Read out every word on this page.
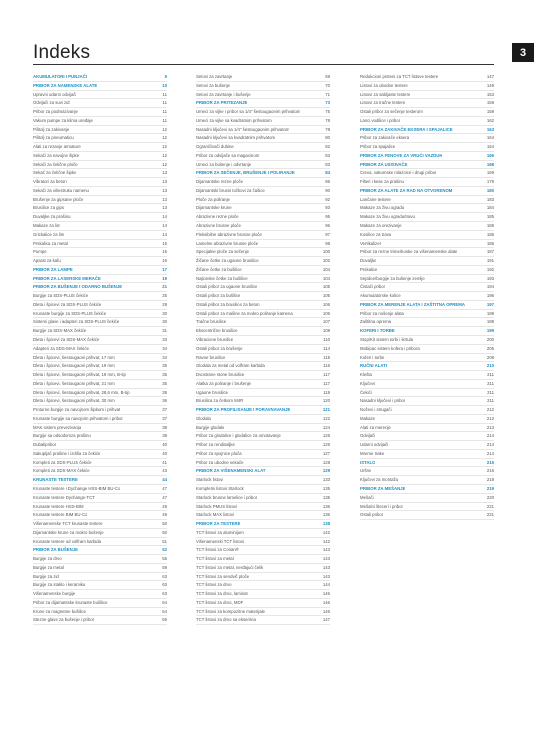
Indeks	3
AKUMULATORI I PUNJAČI	5
PRIBOR ZA NAMENSKE ALATE	10
Upravni udarni odvijači	11
Odvijači za suvi zid	11
Pribor za podmazivanje	11
Vakum pumpe za klima uređaje	11
Pištolj za zakivanje	12
Pištolj za pneumaticu	12
Alati za rezanje armature	12
Sekači za navojne šipke	12
Sekači za čelične ploče	12
Sekač za čelične šipke	13
Vibratori za beton	13
Sekači za višestruku namenu	13
Brušenje za gipsane ploče	13
Brusilice za gips	13
Duvaljke za prašinu	14
Makaze za lim	14
Grickalice za lim	14
Prskalica za metal	15
Pumpe	16
Aparat za kafu	16
PRIBOR ZA LAMPE	17
PRIBOR ZA LASERSKE MERAČE	19
PRIBOR ZA BUŠENJE I ODARNO BUŠENJE	21
Burgije za SDS-PLUS čekiće	25
Dleta i špicevi za SDS-PLUS čekiće	29
Krunaste burgije za SDS-PLUS čekiće	30
Sistemi glave i adapteri za SDS-PLUS čekiće	30
Burgije za SDS-MAX čekiće	31
Dleta i špicevi za SDS-MAX čekiće	33
Adapteri za SDS-MAX čekiće	34
Dleta i špicevi, šestougaoni prihvat, 17 mm	34
Dleta i špicevi, šestougaoni prihvat, 19 mm	35
Dleta i špicevi, šestougaoni prihvat, 19 mm, B-tip	35
Dleta i špicevi, šestougaoni prihvat, 21 mm	35
Dleta i špicevi, šestougaoni prihvat, 28,6 mm, B-tip	35
Dleta i špicevi, šestougaoni prihvat, 30 mm	36
Proturne burgije za navojnom šipkom i prihvat	37
Krunaste burgije sa navojnim prihvatom i pribor	37
MAK sistem prevezivanja	38
Burgije sa odsodomza prašinu	39
Dubalipribor	40
Sakupljač prašine i izdiša za čekiće	40
Kompleti za SDS-PLUS čekiće	41
Kompleti za SDS-MAX čekiće	43
KRUNASTE TESTERE	44
Krunaste testere i Dychange HSS-BIM BU-Co	47
Krunaste testere Dychange-TCT	47
Krunaste testere HSS-BIM	48
Krunaste testere BIM BU-Co	49
Višenamenske TCT krunaste testere	50
Dijamantske krune za mokro bušenje	50
Krunaste testere od volfram karbida	51
PRIBOR ZA BUŠENJE	52
Burgije za drvo	55
Burgije za metal	59
Burgije za zid	63
Burgije za staklo i keramiku	63
Višenamenske burgije	63
Pribor za dijamantske krunaste bušilice	64
Krune za magnetne bušilice	64
Stezne glave za bušenje i pribor	65
Setovi za zavrtanje	69
Setovi za bušenje	70
Setovi za zavrtanje i bušenje	71
PRIBOR ZA PRITEZANJE	73
Umeci za vijke i pribor sa 1/4" šestougaonim prihvatom	75
Umeci za vijke sa kvadratnim prihvatom	78
Nasadni ključevi sa 1/4" šestougaonim prihvatom	78
Nasadni ključevi sa kvadratnim prihvatom	80
Ograničivači dubine	82
Pribor za odvijače sa magacinom	83
Umeci za bušenje i odvrtanje	83
PRIBOR ZA SEČENJE, BRUŠENJE I POLIRANJE	84
Dijamantske rezne ploče	86
Dijamantski brusni točkovi za čašice	90
Ploče za poliranje	92
Dijamantske krune	93
Abrazivne rezne ploče	95
Abrazivne brusne ploče	96
Fleksibilne abrazivne brusne ploče	97
Lamelne abrazivne brusne ploče	98
Specijalne ploče za sečenje	100
Žičane četke za ugaone brusilice	102
Žičane četke za bušilice	104
Najlonske četke za bušilice	104
Ostali pribor za ugaone brusilice	105
Ostali pribor za bušilice	105
Ostali pribor za brusilice za beton	106
Ostali pribor za mašine za mokro poliranje kamena	106
Tračne brusilice	107
Ekscentrične brusilice	109
Vibracione brusilice	110
Ostali pribor za brušenje	114
Ravne brusilice	115
Glodala za metal od volfram karbida	116
Dvostrane stone brusilice	117
Alatka za poliranje i brušenje	117
Ugaone brusilice	119
Brusilica za četkom M4R	120
PRIBOR ZA PROFILISANJE I PORAVNAVANJE	121
Glodala	122
Burgije glodale	124
Pribor za glodalice i glodalice za omotavanje	126
Pribor za rendisaljke	126
Pribor za spojnice ploča	127
Pribor za ubodne sekače	128
PRIBOR ZA VIŠENAMENSKI ALAT	129
Starlock listovi	133
Kompletni listovi Starlock	135
Starlock brusne lamelice i pribor	135
Starlock PMUS listovi	136
Starlock MAX listovi	136
PRIBOR ZA TESTERE	138
TCT listovi za aluminijum	142
Višenamenski TCT listovi	142
TCT listovi za Corian®	143
TCT listovi za metal	143
TCT listovi za metal, nerđajući čelik	143
TCT listovi za sendvič ploče	143
TCT listovi za drvo	144
TCT listovi za drvo, laminat	146
TCT listovi za drvo, MDF	146
TCT listovi za kompozitne materijale	146
TCT listovi za drvo sa ekserima	147
Redukcioni prsteni za TCT listove testere	147
Listovi za ubodne testere	149
Listovi za sabljaste testere	153
Listovi za tračne testere	159
Ostali pribor za sečenje testerom	159
Lanci vodilice i pribor	162
PRIBOR ZA ZAKIVAČE EKSERA I SPAJALICE	163
Pribor za zakivače eksera	164
Pribor za spajalice	164
PRIBOR ZA FENOVE ZA VRUĆI VAZDUH	166
PRIBOR ZA USISIVAČE	168
Creva, vakumske mlaznice i drugi pribor	169
Filteri i kese za prašinu	178
PRIBOR ZA ALATE ZA RAD NA OTVORENOM	180
Lančane testere	183
Makaze za živu ogradu	184
Makaze za živu ogradu/travu	185
Makaze za orezivanje	185
Kosilice za travu	186
Vertikalizer	186
Pribor za rezne trimerkoske za višenamenske alate	187
Duvaljke	191
Prskalice	192
Sejalice/burgije za bušenje zemlje	193
Čistači pribor	194
Akumulatorske kolice	196
PRIBOR ZA MERENJE ALATA I ZAŠTITNA OPREMA	197
Pribor za nošenje alata	198
Zaštitna oprema	198
KOFERI I TORBE	199
Stop/Kit sistem torbi i ikrtula	200
Mobipac sistem kofera i pribora	205
Koferi i torbe	208
RUČNI ALATI	210
Klešta	211
Ključevi	211
Čekići	211
Nasadni ključevi i pribor	211
Noževi i strugači	212
Makaze	212
Alati za merenje	213
Odvijači	214
Udarni odvijači	214
Mreme trake	214
ISTALO	215
Uršne	216
Ključevi za montažu	218
PRIBOR ZA MEŠANJE	219
Mešači	220
Mešalni šteceri i pribor	221
Ostali pribor	221
